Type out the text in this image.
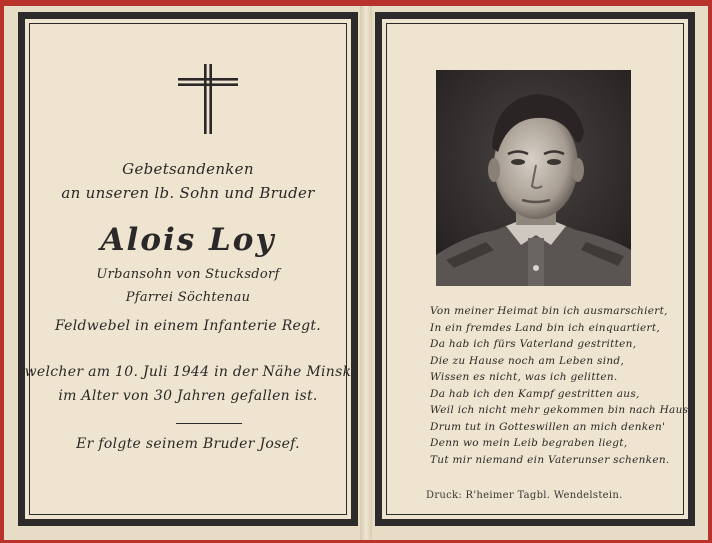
Gebetsandenken
an unseren lb. Sohn und Bruder
Alois Loy
Urbansohn von Stucksdorf
Pfarrei Söchtenau
Feldwebel in einem Infanterie Regt.
welcher am 10. Juli 1944 in der Nähe Minsk
im Alter von 30 Jahren gefallen ist.
Er folgte seinem Bruder Josef.
Von meiner Heimat bin ich ausmarschiert,
In ein fremdes Land bin ich einquartiert,
Da hab ich fürs Vaterland gestritten,
Die zu Hause noch am Leben sind,
Wissen es nicht, was ich gelitten.
Da hab ich den Kampf gestritten aus,
Weil ich nicht mehr gekommen bin nach Haus,
Drum tut in Gotteswillen an mich denken'
Denn wo mein Leib begraben liegt,
Tut mir niemand ein Vaterunser schenken.
Druck: R'heimer Tagbl. Wendelstein.
